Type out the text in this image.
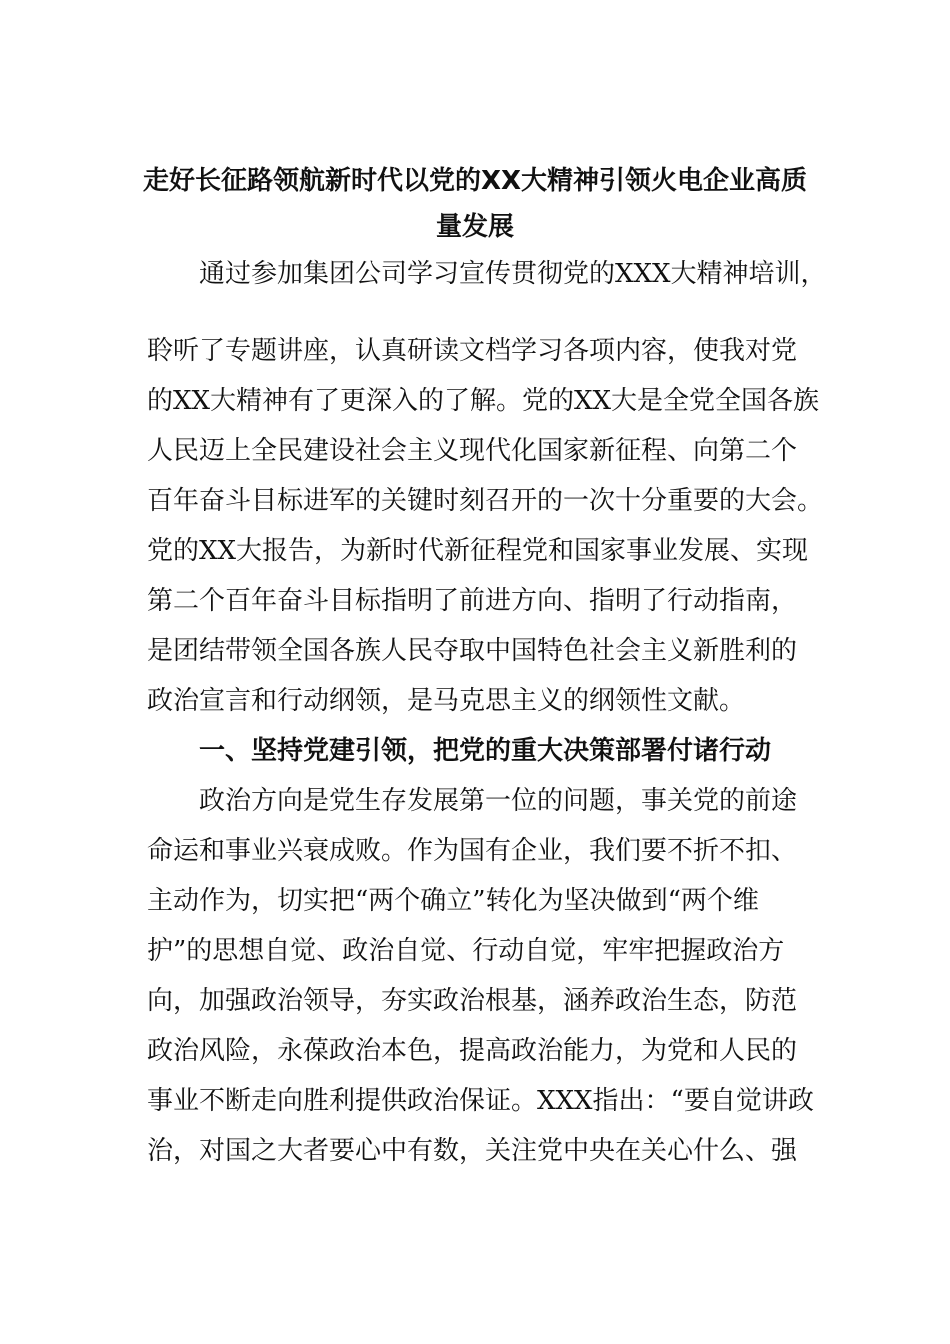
走好长征路领航新时代以党的XX大精神引领火电企业高质
量发展
通过参加集团公司学习宣传贯彻党的XXX大精神培训，
聆听了专题讲座，认真研读文档学习各项内容，使我对党
的XX大精神有了更深入的了解。党的XX大是全党全国各族
人民迈上全民建设社会主义现代化国家新征程、向第二个
百年奋斗目标进军的关键时刻召开的一次十分重要的大会。
党的XX大报告，为新时代新征程党和国家事业发展、实现
第二个百年奋斗目标指明了前进方向、指明了行动指南，
是团结带领全国各族人民夺取中国特色社会主义新胜利的
政治宣言和行动纲领，是马克思主义的纲领性文献。
一、坚持党建引领，把党的重大决策部署付诸行动
政治方向是党生存发展第一位的问题，事关党的前途
命运和事业兴衰成败。作为国有企业，我们要不折不扣、
主动作为，切实把“两个确立”转化为坚决做到“两个维
护”的思想自觉、政治自觉、行动自觉，牢牢把握政治方
向，加强政治领导，夯实政治根基，涵养政治生态，防范
政治风险，永葆政治本色，提高政治能力，为党和人民的
事业不断走向胜利提供政治保证。XXX指出：“要自觉讲政
治，对国之大者要心中有数，关注党中央在关心什么、强
